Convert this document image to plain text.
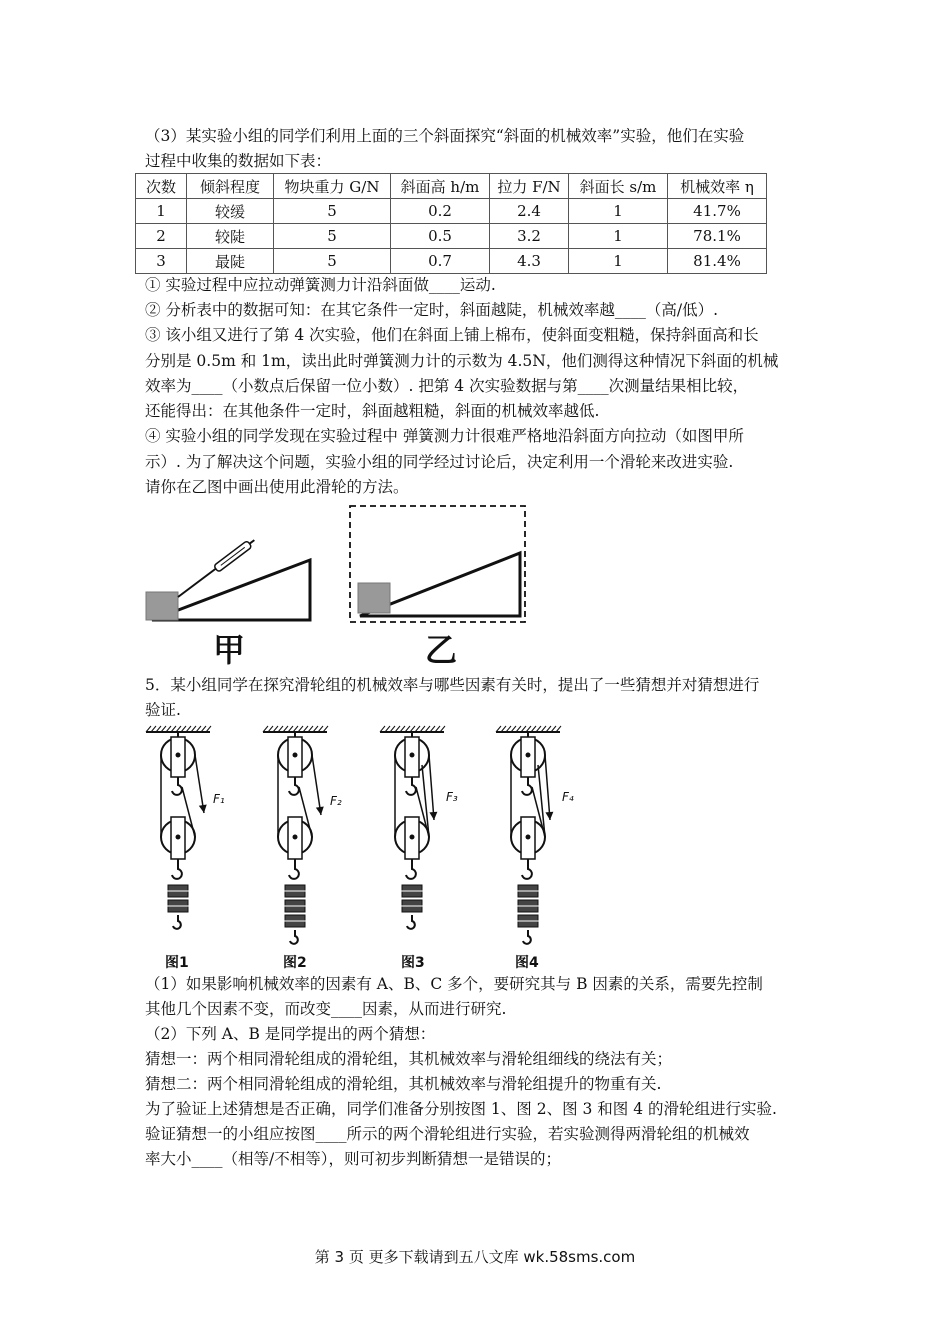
（3）某实验小组的同学们利用上面的三个斜面探究“斜面的机械效率”实验，他们在实验

过程中收集的数据如下表：

次数	倾斜程度	物块重力 G/N	斜面高 h/m	拉力 F/N	斜面长 s/m	机械效率 η
1	较缓	5	0.2	2.4	1	41.7%
2	较陡	5	0.5	3.2	1	78.1%
3	最陡	5	0.7	4.3	1	81.4%

① 实验过程中应拉动弹簧测力计沿斜面做____运动.

② 分析表中的数据可知：在其它条件一定时，斜面越陡，机械效率越____（高/低）.

③ 该小组又进行了第 4 次实验，他们在斜面上铺上棉布，使斜面变粗糙，保持斜面高和长

分别是 0.5m 和 1m，读出此时弹簧测力计的示数为 4.5N，他们测得这种情况下斜面的机械

效率为____（小数点后保留一位小数）. 把第 4 次实验数据与第____次测量结果相比较，

还能得出：在其他条件一定时，斜面越粗糙，斜面的机械效率越低.

④ 实验小组的同学发现在实验过程中 弹簧测力计很难严格地沿斜面方向拉动（如图甲所

示）. 为了解决这个问题，实验小组的同学经过讨论后，决定利用一个滑轮来改进实验.

请你在乙图中画出使用此滑轮的方法。

甲	乙

5．某小组同学在探究滑轮组的机械效率与哪些因素有关时，提出了一些猜想并对猜想进行

验证.

图1	图2	图3	图4
F₁	F₂	F₃	F₄

（1）如果影响机械效率的因素有 A、B、C 多个，要研究其与 B 因素的关系，需要先控制

其他几个因素不变，而改变____因素，从而进行研究.

（2）下列 A、B 是同学提出的两个猜想：

猜想一：两个相同滑轮组成的滑轮组，其机械效率与滑轮组细线的绕法有关；

猜想二：两个相同滑轮组成的滑轮组，其机械效率与滑轮组提升的物重有关.

为了验证上述猜想是否正确，同学们准备分别按图 1、图 2、图 3 和图 4 的滑轮组进行实验.

验证猜想一的小组应按图____所示的两个滑轮组进行实验，若实验测得两滑轮组的机械效

率大小____（相等/不相等），则可初步判断猜想一是错误的；

第 3 页 更多下载请到五八文库 wk.58sms.com
